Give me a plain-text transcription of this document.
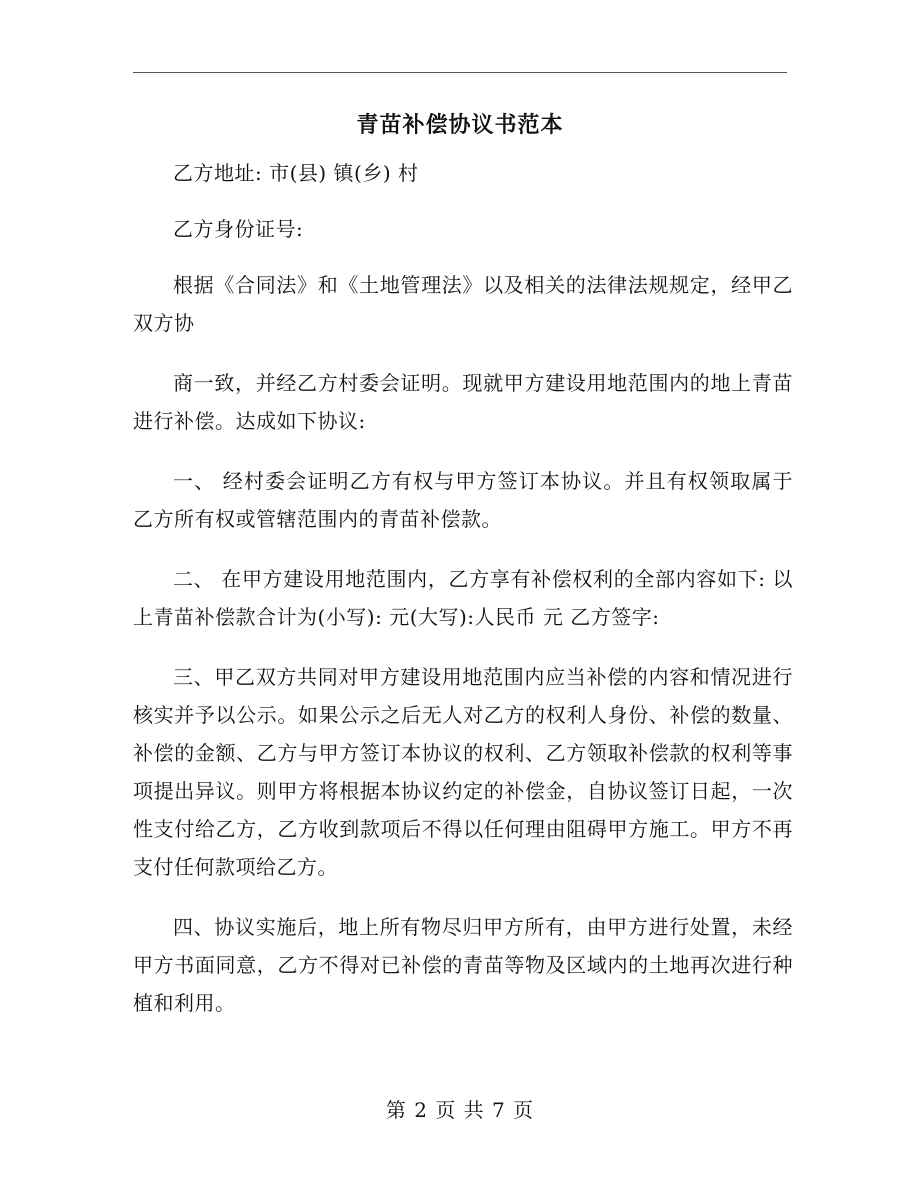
青苗补偿协议书范本

乙方地址: 市(县) 镇(乡) 村

乙方身份证号:

根据《合同法》和《土地管理法》以及相关的法律法规规定，经甲乙双方协

商一致，并经乙方村委会证明。现就甲方建设用地范围内的地上青苗进行补偿。达成如下协议:

一、 经村委会证明乙方有权与甲方签订本协议。并且有权领取属于乙方所有权或管辖范围内的青苗补偿款。

二、 在甲方建设用地范围内，乙方享有补偿权利的全部内容如下: 以上青苗补偿款合计为(小写): 元(大写):人民币 元 乙方签字:

三、甲乙双方共同对甲方建设用地范围内应当补偿的内容和情况进行核实并予以公示。如果公示之后无人对乙方的权利人身份、补偿的数量、补偿的金额、乙方与甲方签订本协议的权利、乙方领取补偿款的权利等事项提出异议。则甲方将根据本协议约定的补偿金，自协议签订日起，一次性支付给乙方，乙方收到款项后不得以任何理由阻碍甲方施工。甲方不再支付任何款项给乙方。

四、协议实施后，地上所有物尽归甲方所有，由甲方进行处置，未经甲方书面同意，乙方不得对已补偿的青苗等物及区域内的土地再次进行种植和利用。

第 2 页 共 7 页
